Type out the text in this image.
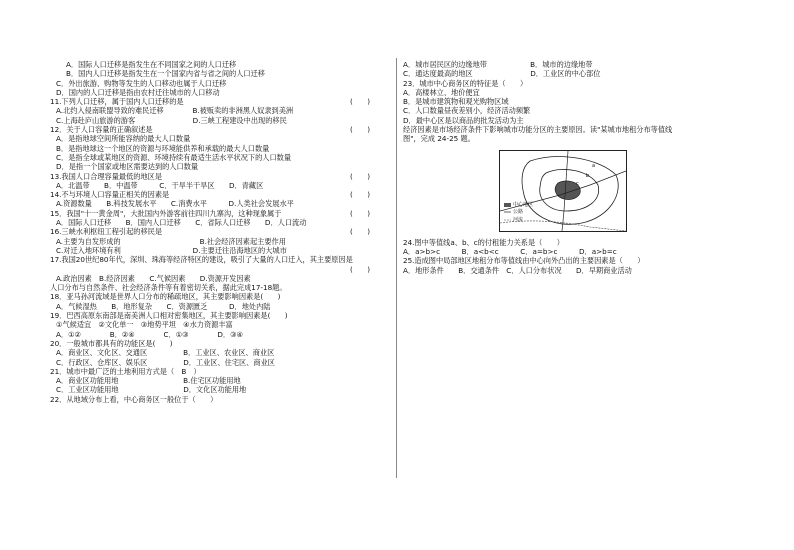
A．国际人口迁移是指发生在不同国家之间的人口迁移
B．国内人口迁移是指发生在一个国家内省与省之间的人口迁移
C．外出旅游、购物等发生的人口移动也属于人口迁移
D．国内的人口迁移是指由农村迁往城市的人口移动
11.下列人口迁移，属于国内人口迁移的是	(　　)
A.北约入侵南联盟导致的难民迁移　　　　B.被贩卖的非洲黑人奴隶到美洲
C.上海赴庐山旅游的游客　　　　　　　　D.三峡工程建设中出现的移民
12．关于人口容量的正确叙述是	(　　)
A．是指地球空间所能容纳的最大人口数量
B．是指地球这一个地区的资源与环境能供养和承载的最大人口数量
C．是指全球或某地区的资源、环境持续有最适生活水平状况下的人口数量
D．是指一个国家或地区需要达到的人口数量
13.我国人口合理容量最低的地区是	(　　)
A．北温带　　B．中温带　　　C．干旱半干旱区　　D．青藏区
14.不与环境人口容量正相关的因素是	(　　)
A.资源数量　　B.科技发展水平　　C.消费水平　　　D.人类社会发展水平
15．我国"十一黄金周"，大批国内外游客前往四川九寨沟，这种现象属于	(　　)
A．国际人口迁移　　B．国内人口迁移　　C．省际人口迁移　　D．人口流动
16.三峡水利枢纽工程引起的移民是	(　　)
A.主要为自发形成的　　　　　　　　　　　B.社会经济因素起主要作用
C.对迁入地环境有利　　　　　　　　　　D.主要迁往沿海地区的大城市
17.我国20世纪80年代，深圳、珠海等经济特区的建设，吸引了大量的人口迁入，其主要原因是
(　　)
A.政治因素　B.经济因素　　C.气候因素　　D.资源开发因素
人口分布与自然条件、社会经济条件等有着密切关系，据此完成17-18题。
18．亚马孙河流域是世界人口分布的稀疏地区，其主要影响因素是(　　)
A．气候湿热　　B．地形复杂　　C．资源匮乏　　　D．地处内陆
19．巴西高原东南部是南美洲人口相对密集地区，其主要影响因素是(　　)
①气候适宜　②文化单一　③地势平坦　④水力资源丰富
A．①②　　　　B．②④　　　　C．①③　　　　D．③④
20．一般城市都具有的功能区是(　　)
A．商业区、文化区、交通区　　　　　B．工业区、农业区、商业区
C．行政区、仓库区、娱乐区　　　　　D．工业区、住宅区、商业区
21．城市中最广泛的土地利用方式是（　B　）
A．商业区功能用地　　　　　　　　　B.住宅区功能用地
C．工业区功能用地　　　　　　　　　D．文化区功能用地
22．从地域分布上看，中心商务区一般位于（　　）
A．城市居民区的边缘地带　　　　　　B．城市的边缘地带
C．通达度最高的地区　　　　　　　　D．工业区的中心部位
23．城市中心商务区的特征是（　　）
A．高楼林立、地价便宜
B．是城市建筑物和观光购物区域
C．人口数量昼夜差别小，经济活动频繁
D．最中心区是以商品的批发活动为主
经济因素是市场经济条件下影响城市功能分区的主要原因。读"某城市地租分布等值线
图"，完成 24-25 题。
a
b
c
中心地区
公路
河流
24.图中等值线a、b、c的付租能力关系是（　　）
A．a>b>c　　　B．a<b<c　　　C．a=b>c　　　D．a>b=c
25.造成图中局部地区地租分布等值线由中心向外凸出的主要因素是（　　）
A．地形条件　　B．交通条件　C．人口分布状况　　D．早期商业活动
